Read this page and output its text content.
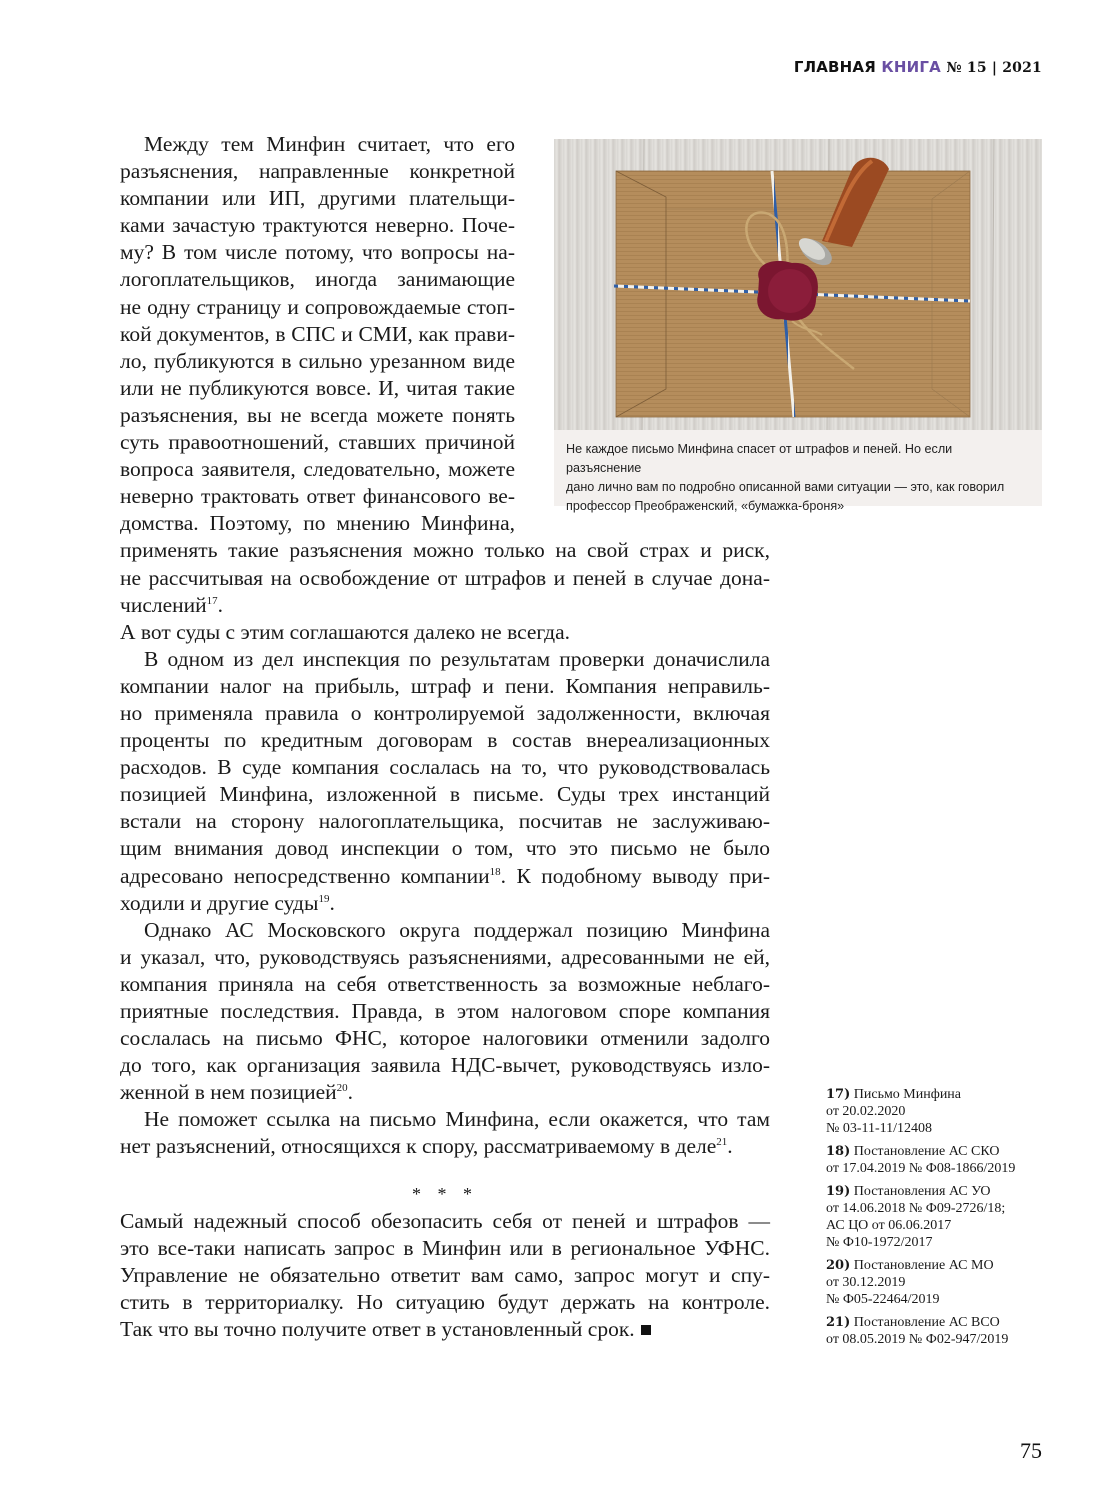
ГЛАВНАЯ КНИГА № 15 | 2021
Не каждое письмо Минфина спасет от штрафов и пеней. Но если разъяснение
дано лично вам по подробно описанной вами ситуации — это, как говорил
профессор Преображенский, «бумажка-броня»
Между тем Минфин считает, что его
разъяснения, направленные конкретной
компании или ИП, другими плательщи-
ками зачастую трактуются неверно. Поче-
му? В том числе потому, что вопросы на-
логоплательщиков, иногда занимающие
не одну страницу и сопровождаемые стоп-
кой документов, в СПС и СМИ, как прави-
ло, публикуются в сильно урезанном виде
или не публикуются вовсе. И, читая такие
разъяснения, вы не всегда можете понять
суть правоотношений, ставших причиной
вопроса заявителя, следовательно, можете
неверно трактовать ответ финансового ве-
домства. Поэтому, по мнению Минфина,
применять такие разъяснения можно только на свой страх и риск,
не рассчитывая на освобождение от штрафов и пеней в случае дона-
числений$^{17}$.
А вот суды с этим соглашаются далеко не всегда.
В одном из дел инспекция по результатам проверки доначислила
компании налог на прибыль, штраф и пени. Компания неправиль-
но применяла правила о контролируемой задолженности, включая
проценты по кредитным договорам в состав внереализационных
расходов. В суде компания сослалась на то, что руководствовалась
позицией Минфина, изложенной в письме. Суды трех инстанций
встали на сторону налогоплательщика, посчитав не заслуживаю-
щим внимания довод инспекции о том, что это письмо не было
адресовано непосредственно компании$^{18}$. К подобному выводу при-
ходили и другие суды$^{19}$.
Однако АС Московского округа поддержал позицию Минфина
и указал, что, руководствуясь разъяснениями, адресованными не ей,
компания приняла на себя ответственность за возможные неблаго-
приятные последствия. Правда, в этом налоговом споре компания
сослалась на письмо ФНС, которое налоговики отменили задолго
до того, как организация заявила НДС-вычет, руководствуясь изло-
женной в нем позицией$^{20}$.
Не поможет ссылка на письмо Минфина, если окажется, что там
нет разъяснений, относящихся к спору, рассматриваемому в деле$^{21}$.
* * *
Самый надежный способ обезопасить себя от пеней и штрафов —
это все-таки написать запрос в Минфин или в региональное УФНС.
Управление не обязательно ответит вам само, запрос могут и спу-
стить в территориалку. Но ситуацию будут держать на контроле.
Так что вы точно получите ответ в установленный срок.
17) Письмо Минфина
от 20.02.2020
№ 03-11-11/12408
18) Постановление АС СКО
от 17.04.2019 № Ф08-1866/2019
19) Постановления АС УО
от 14.06.2018 № Ф09-2726/18;
АС ЦО от 06.06.2017
№ Ф10-1972/2017
20) Постановление АС МО
от 30.12.2019
№ Ф05-22464/2019
21) Постановление АС ВСО
от 08.05.2019 № Ф02-947/2019
75
